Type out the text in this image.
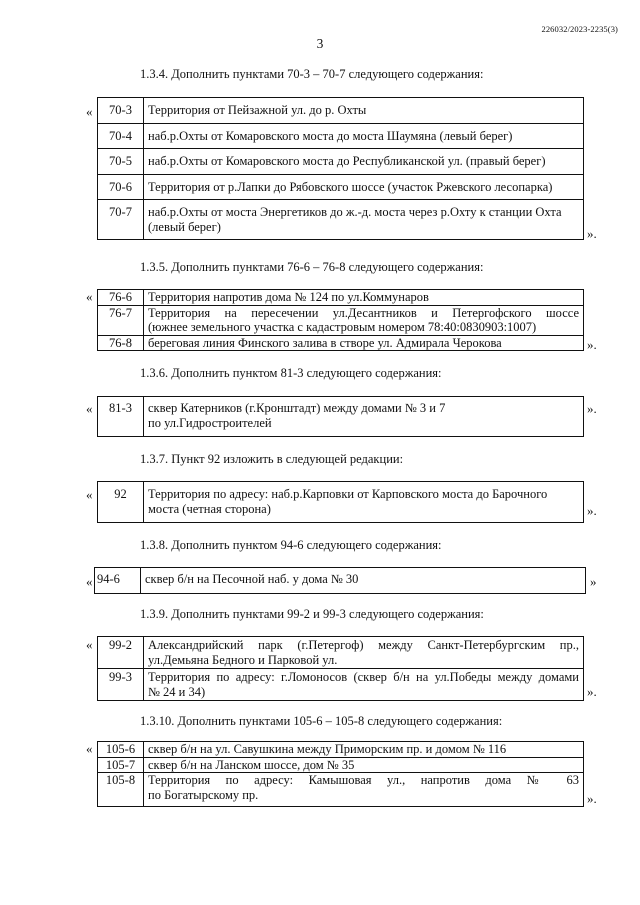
226032/2023-2235(3)
3
1.3.4. Дополнить пунктами 70-3 – 70-7 следующего содержания:
« 70-3	Территория от Пейзажной ул. до р. Охты
70-4	наб.р.Охты от Комаровского моста до моста Шаумяна (левый берег)
70-5	наб.р.Охты от Комаровского моста до Республиканской ул. (правый берег)
70-6	Территория от р.Лапки до Рябовского шоссе (участок Ржевского лесопарка)
70-7	наб.р.Охты от моста Энергетиков до ж.-д. моста через р.Охту к станции Охта (левый берег)	».
1.3.5. Дополнить пунктами 76-6 – 76-8 следующего содержания:
« 76-6	Территория напротив дома № 124 по ул.Коммунаров
76-7	Территория на пересечении ул.Десантников и Петергофского шоссе
(южнее земельного участка с кадастровым номером 78:40:0830903:1007)

76-8	береговая линия Финского залива в створе ул. Адмирала Черокова	».
1.3.6. Дополнить пунктом 81-3 следующего содержания:
« 81-3	сквер Катерников (г.Кронштадт) между домами № 3 и 7
по ул.Гидростроителей
».
1.3.7. Пункт 92 изложить в следующей редакции:
« 92	Территория по адресу: наб.р.Карповки от Карповского моста до Барочного
моста (четная сторона)	».
1.3.8. Дополнить пунктом 94-6 следующего содержания:
« 94-6	сквер б/н на Песочной наб. у дома № 30	»
1.3.9. Дополнить пунктами 99-2 и 99-3 следующего содержания:
« 99-2	Александрийский парк (г.Петергоф) между Санкт-Петербургским пр.,
ул.Демьяна Бедного и Парковой ул.

99-3	Территория по адресу: г.Ломоносов (сквер б/н на ул.Победы между домами
№ 24 и 34)	».
1.3.10. Дополнить пунктами 105-6 – 105-8 следующего содержания:
« 105-6	сквер б/н на ул. Савушкина между Приморским пр. и домом № 116
105-7	сквер б/н на Ланском шоссе, дом № 35
105-8	Территория по адресу: Камышовая ул., напротив дома № 63
по Богатырскому пр.	».
